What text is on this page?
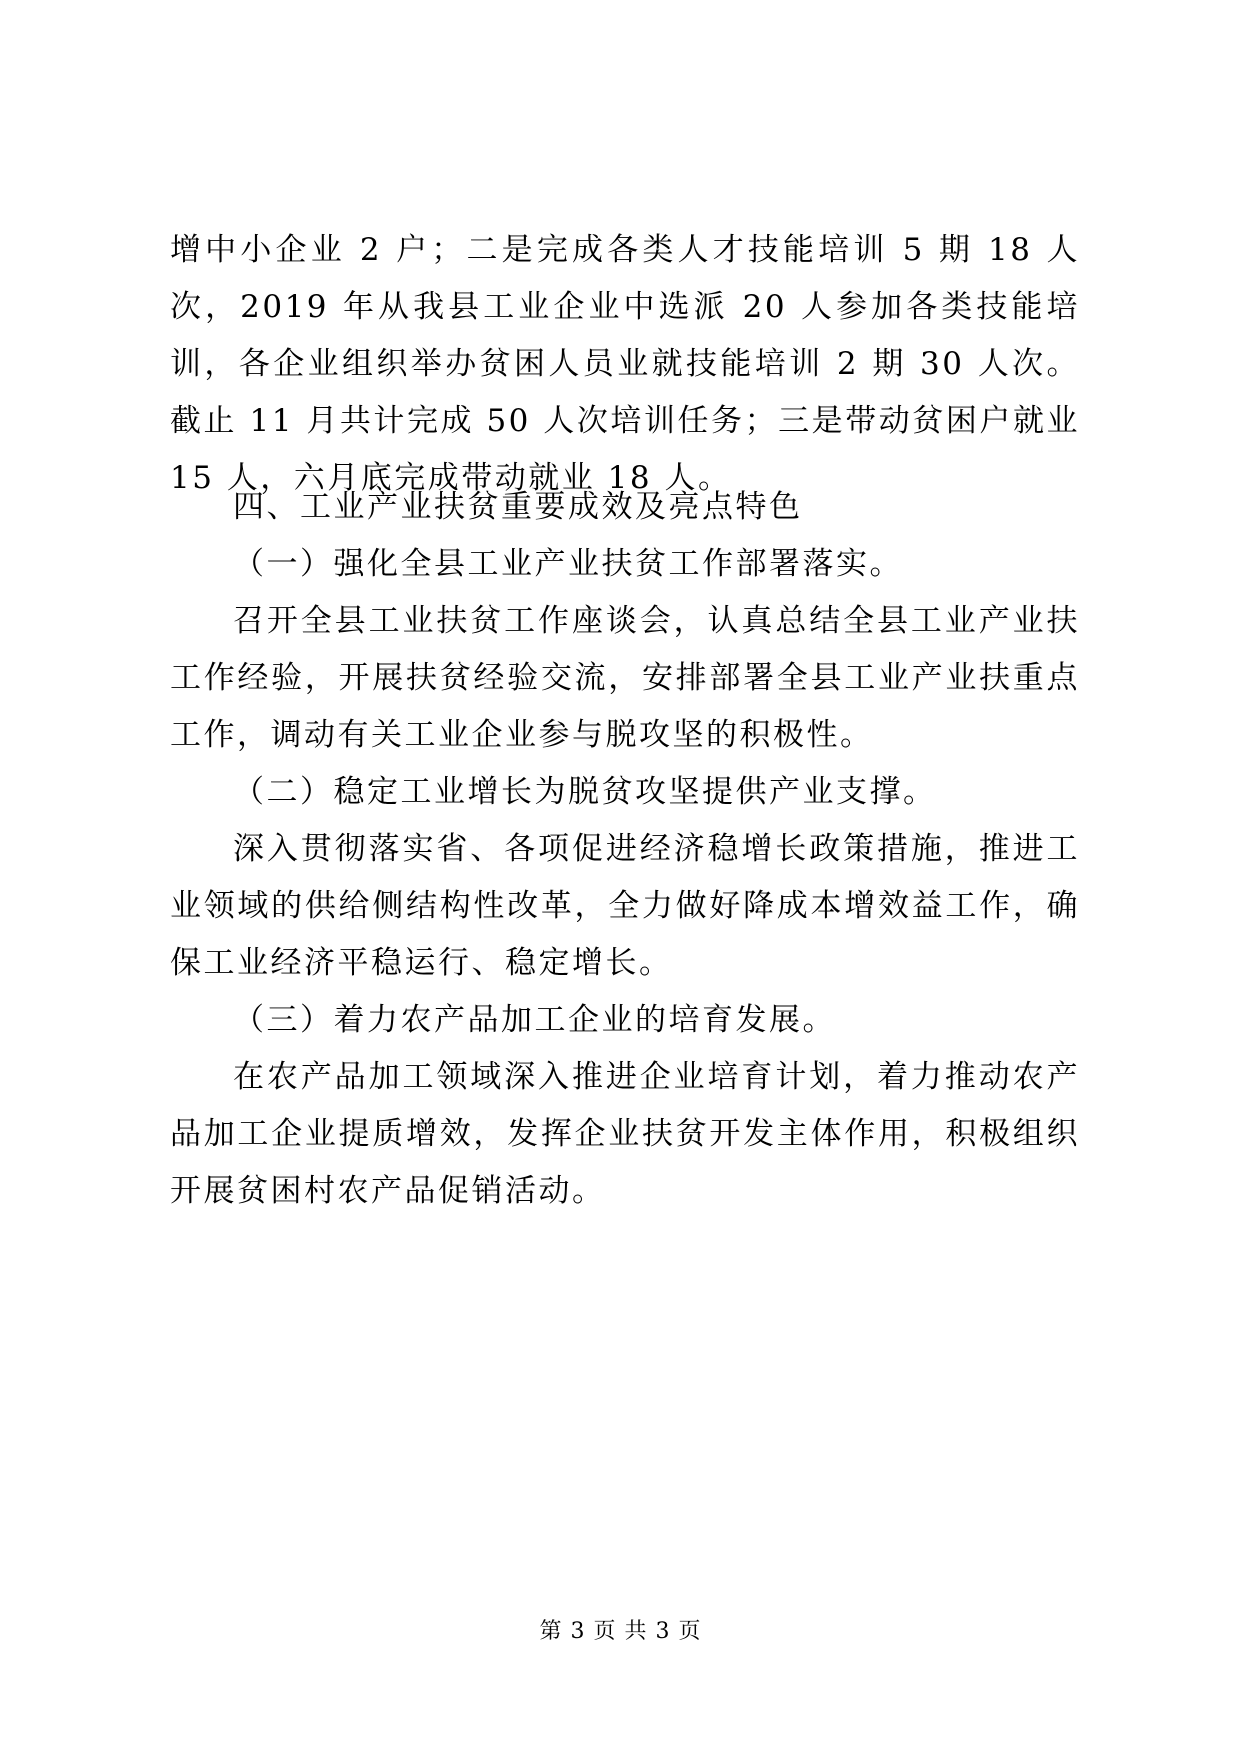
增中小企业 2 户；二是完成各类人才技能培训 5 期 18 人次，2019 年从我县工业企业中选派 20 人参加各类技能培训，各企业组织举办贫困人员业就技能培训 2 期 30 人次。截止 11 月共计完成 50 人次培训任务；三是带动贫困户就业 15 人，六月底完成带动就业 18 人。

四、工业产业扶贫重要成效及亮点特色

（一）强化全县工业产业扶贫工作部署落实。

召开全县工业扶贫工作座谈会，认真总结全县工业产业扶工作经验，开展扶贫经验交流，安排部署全县工业产业扶重点工作，调动有关工业企业参与脱攻坚的积极性。

（二）稳定工业增长为脱贫攻坚提供产业支撑。

深入贯彻落实省、各项促进经济稳增长政策措施，推进工业领域的供给侧结构性改革，全力做好降成本增效益工作，确保工业经济平稳运行、稳定增长。

（三）着力农产品加工企业的培育发展。

在农产品加工领域深入推进企业培育计划，着力推动农产品加工企业提质增效，发挥企业扶贫开发主体作用，积极组织开展贫困村农产品促销活动。

第 3 页 共 3 页
